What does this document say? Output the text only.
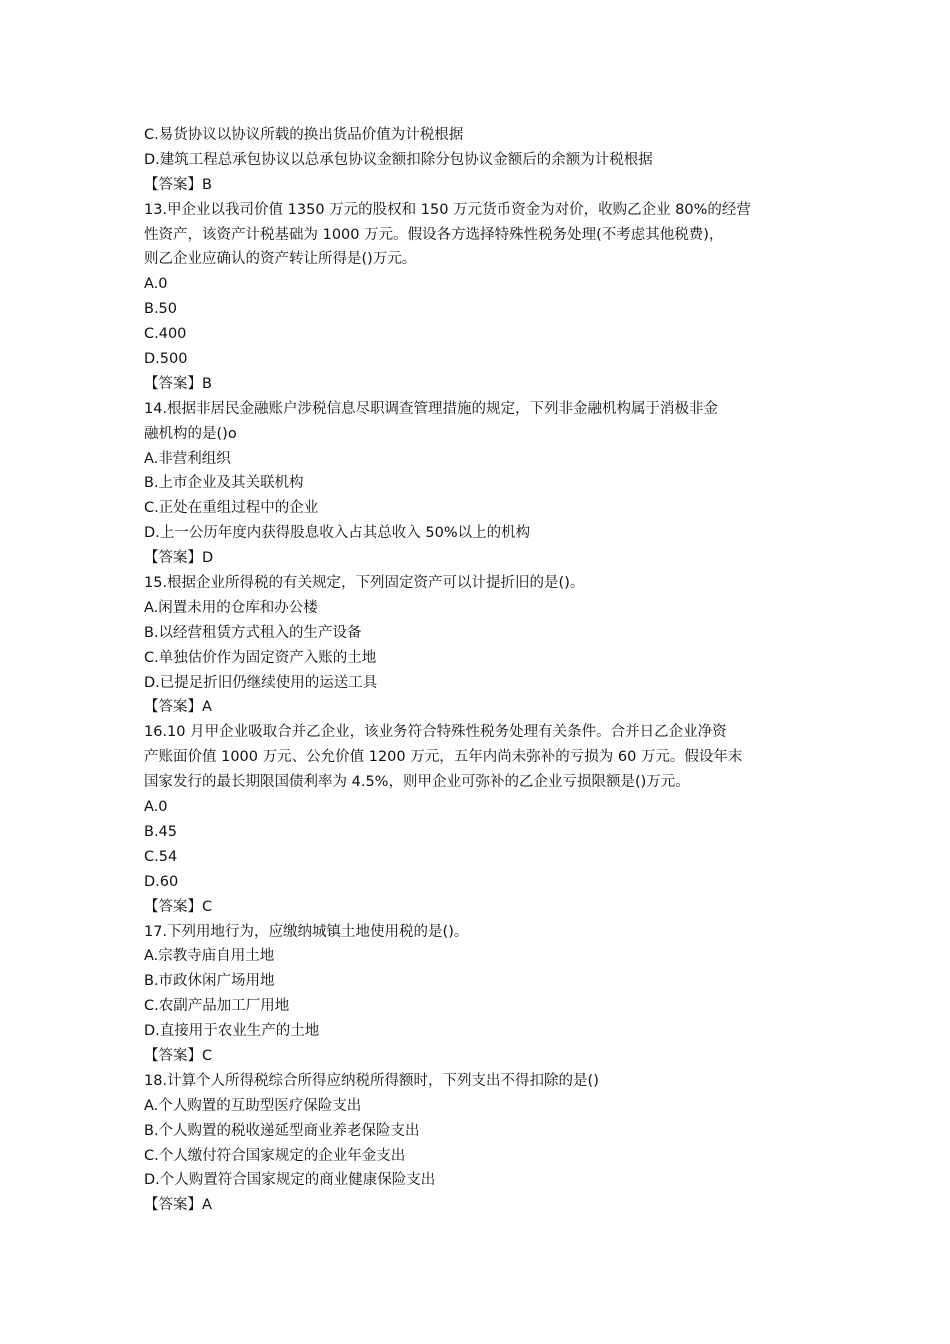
C.易货协议以协议所载的换出货品价值为计税根据
D.建筑工程总承包协议以总承包协议金额扣除分包协议金额后的余额为计税根据
【答案】B
13.甲企业以我司价值 1350 万元的股权和 150 万元货币资金为对价，收购乙企业 80%的经营
性资产，该资产计税基础为 1000 万元。假设各方选择特殊性税务处理(不考虑其他税费)，
则乙企业应确认的资产转让所得是()万元。
A.0
B.50
C.400
D.500
【答案】B
14.根据非居民金融账户涉税信息尽职调查管理措施的规定，下列非金融机构属于消极非金
融机构的是()o
A.非营利组织
B.上市企业及其关联机构
C.正处在重组过程中的企业
D.上一公历年度内获得股息收入占其总收入 50%以上的机构
【答案】D
15.根据企业所得税的有关规定，下列固定资产可以计提折旧的是()。
A.闲置未用的仓库和办公楼
B.以经营租赁方式租入的生产设备
C.单独估价作为固定资产入账的土地
D.已提足折旧仍继续使用的运送工具
【答案】A
16.10 月甲企业吸取合并乙企业，该业务符合特殊性税务处理有关条件。合并日乙企业净资
产账面价值 1000 万元、公允价值 1200 万元，五年内尚未弥补的亏损为 60 万元。假设年末
国家发行的最长期限国债利率为 4.5%，则甲企业可弥补的乙企业亏损限额是()万元。
A.0
B.45
C.54
D.60
【答案】C
17.下列用地行为，应缴纳城镇土地使用税的是()。
A.宗教寺庙自用土地
B.市政休闲广场用地
C.农副产品加工厂用地
D.直接用于农业生产的土地
【答案】C
18.计算个人所得税综合所得应纳税所得额时，下列支出不得扣除的是()
A.个人购置的互助型医疗保险支出
B.个人购置的税收递延型商业养老保险支出
C.个人缴付符合国家规定的企业年金支出
D.个人购置符合国家规定的商业健康保险支出
【答案】A
